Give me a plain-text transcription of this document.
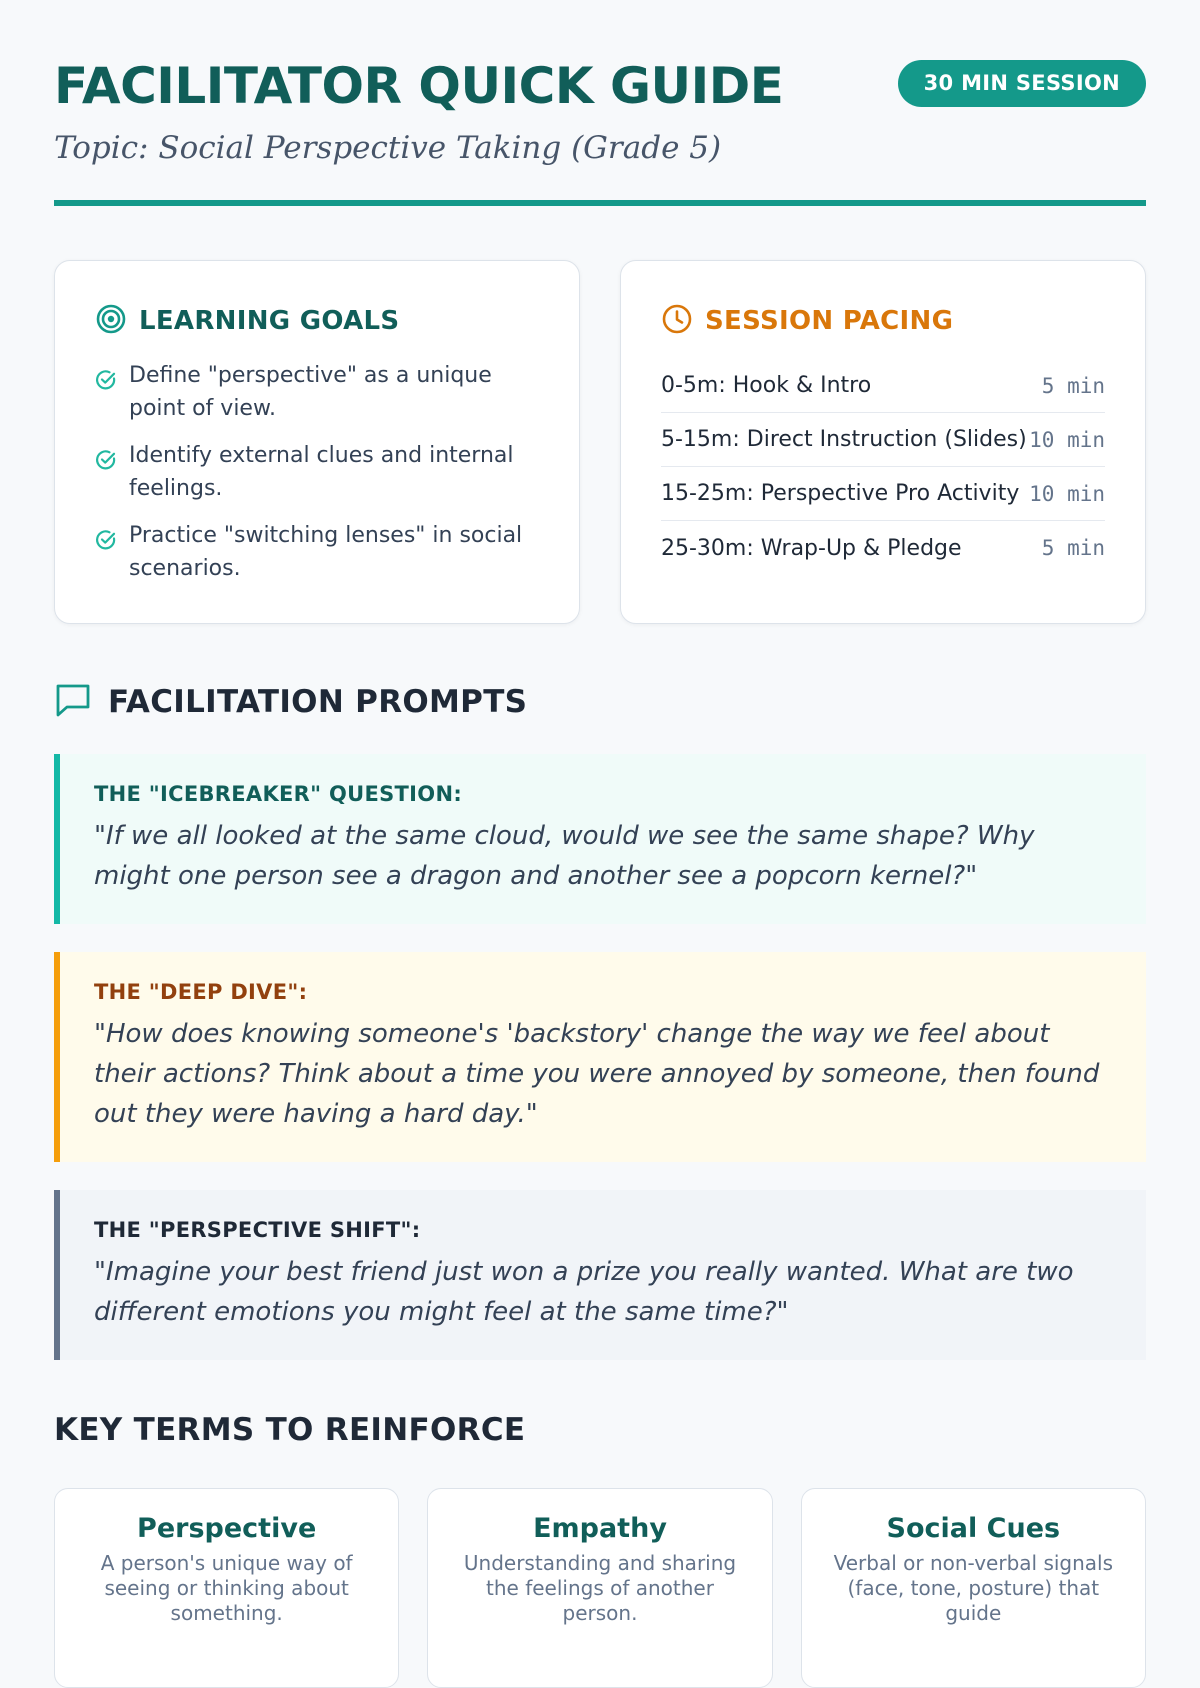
FACILITATOR QUICK GUIDE	30 MIN SESSION
Topic: Social Perspective Taking (Grade 5)
LEARNING GOALS
Define "perspective" as a unique point of view.
Identify external clues and internal feelings.
Practice "switching lenses" in social scenarios.
SESSION PACING
0-5m: Hook & Intro	5 min
5-15m: Direct Instruction (Slides) 10 min
15-25m: Perspective Pro Activity 10 min
25-30m: Wrap-Up & Pledge	5 min
FACILITATION PROMPTS
THE "ICEBREAKER" QUESTION:
"If we all looked at the same cloud, would we see the same shape? Why might one person see a dragon and another see a popcorn kernel?"
THE "DEEP DIVE":
"How does knowing someone's 'backstory' change the way we feel about their actions? Think about a time you were annoyed by someone, then found out they were having a hard day."
THE "PERSPECTIVE SHIFT":
"Imagine your best friend just won a prize you really wanted. What are two different emotions you might feel at the same time?"
KEY TERMS TO REINFORCE
Perspective
A person's unique way of seeing or thinking about something.
Empathy
Understanding and sharing the feelings of another person.
Social Cues
Verbal or non-verbal signals (face, tone, posture) that guide
